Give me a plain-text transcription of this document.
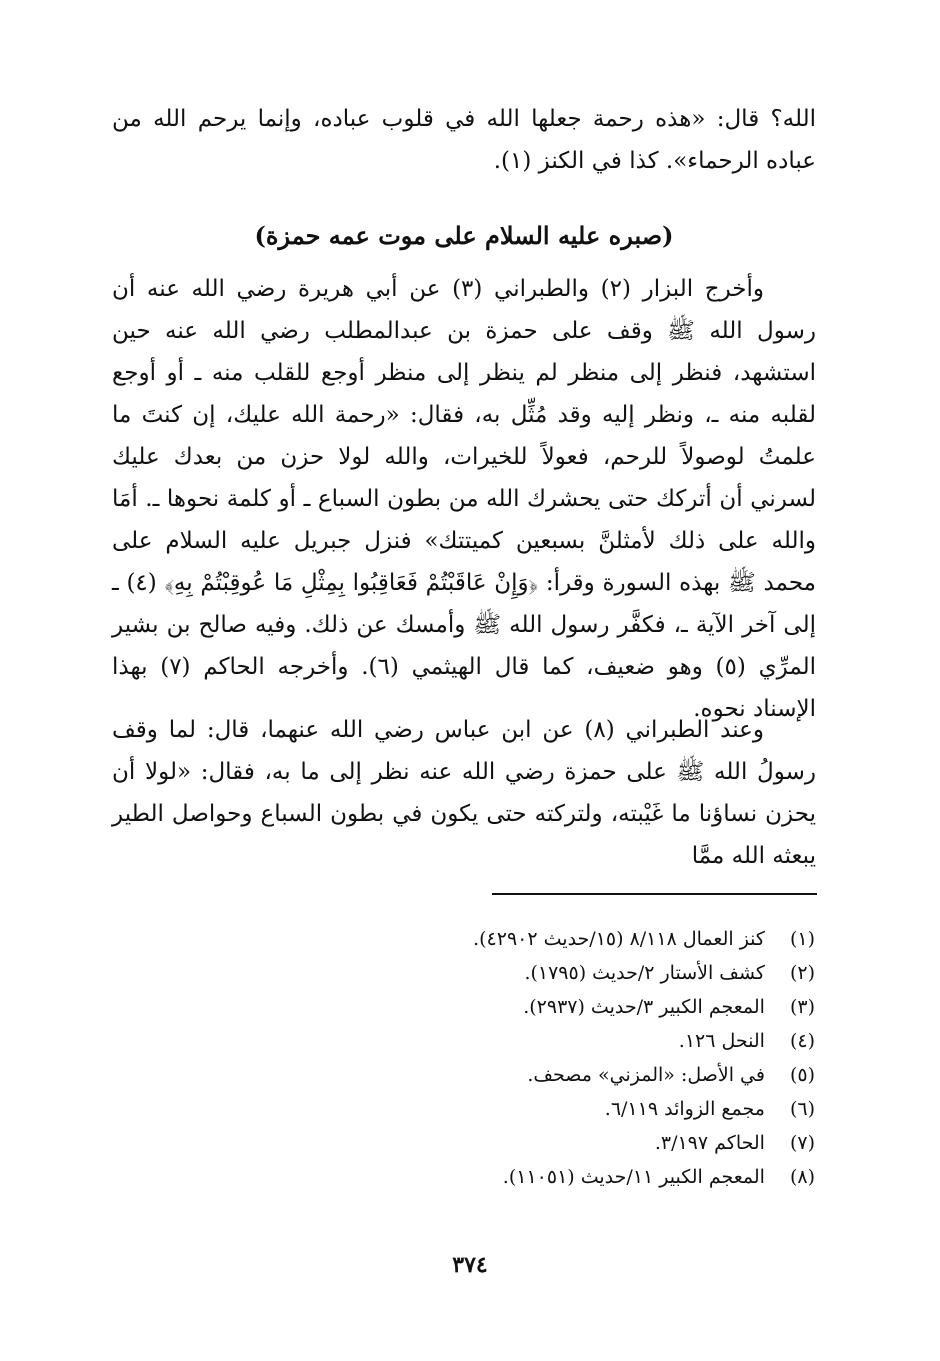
الله؟ قال: «هذه رحمة جعلها الله في قلوب عباده، وإنما يرحم الله من عباده الرحماء». كذا في الكنز (١).

(صبره عليه السلام على موت عمه حمزة)

وأخرج البزار (٢) والطبراني (٣) عن أبي هريرة رضي الله عنه أن رسول الله ﷺ وقف على حمزة بن عبدالمطلب رضي الله عنه حين استشهد، فنظر إلى منظر لم ينظر إلى منظر أوجع للقلب منه ـ أو أوجع لقلبه منه ـ، ونظر إليه وقد مُثِّل به، فقال: «رحمة الله عليك، إن كنتَ ما علمتُ لوصولاً للرحم، فعولاً للخيرات، والله لولا حزن من بعدك عليك لسرني أن أتركك حتى يحشرك الله من بطون السباع ـ أو كلمة نحوها ـ. أمَا والله على ذلك لأمثلنَّ بسبعين كميتتك» فنزل جبريل عليه السلام على محمد ﷺ بهذه السورة وقرأ: ﴿وَإِنْ عَاقَبْتُمْ فَعَاقِبُوا بِمِثْلِ مَا عُوقِبْتُمْ بِهِ﴾ (٤) ـ إلى آخر الآية ـ، فكفَّر رسول الله ﷺ وأمسك عن ذلك. وفيه صالح بن بشير المرِّي (٥) وهو ضعيف، كما قال الهيثمي (٦). وأخرجه الحاكم (٧) بهذا الإسناد نحوه.

وعند الطبراني (٨) عن ابن عباس رضي الله عنهما، قال: لما وقف رسولُ الله ﷺ على حمزة رضي الله عنه نظر إلى ما به، فقال: «لولا أن يحزن نساؤنا ما غَيْبته، ولتركته حتى يكون في بطون السباع وحواصل الطير يبعثه الله ممَّا

(١) كنز العمال ٨/١١٨ (١٥/حديث ٤٢٩٠٢).
(٢) كشف الأستار ٢/حديث (١٧٩٥).
(٣) المعجم الكبير ٣/حديث (٢٩٣٧).
(٤) النحل ١٢٦.
(٥) في الأصل: «المزني» مصحف.
(٦) مجمع الزوائد ٦/١١٩.
(٧) الحاكم ٣/١٩٧.
(٨) المعجم الكبير ١١/حديث (١١٠٥١).
٣٧٤
